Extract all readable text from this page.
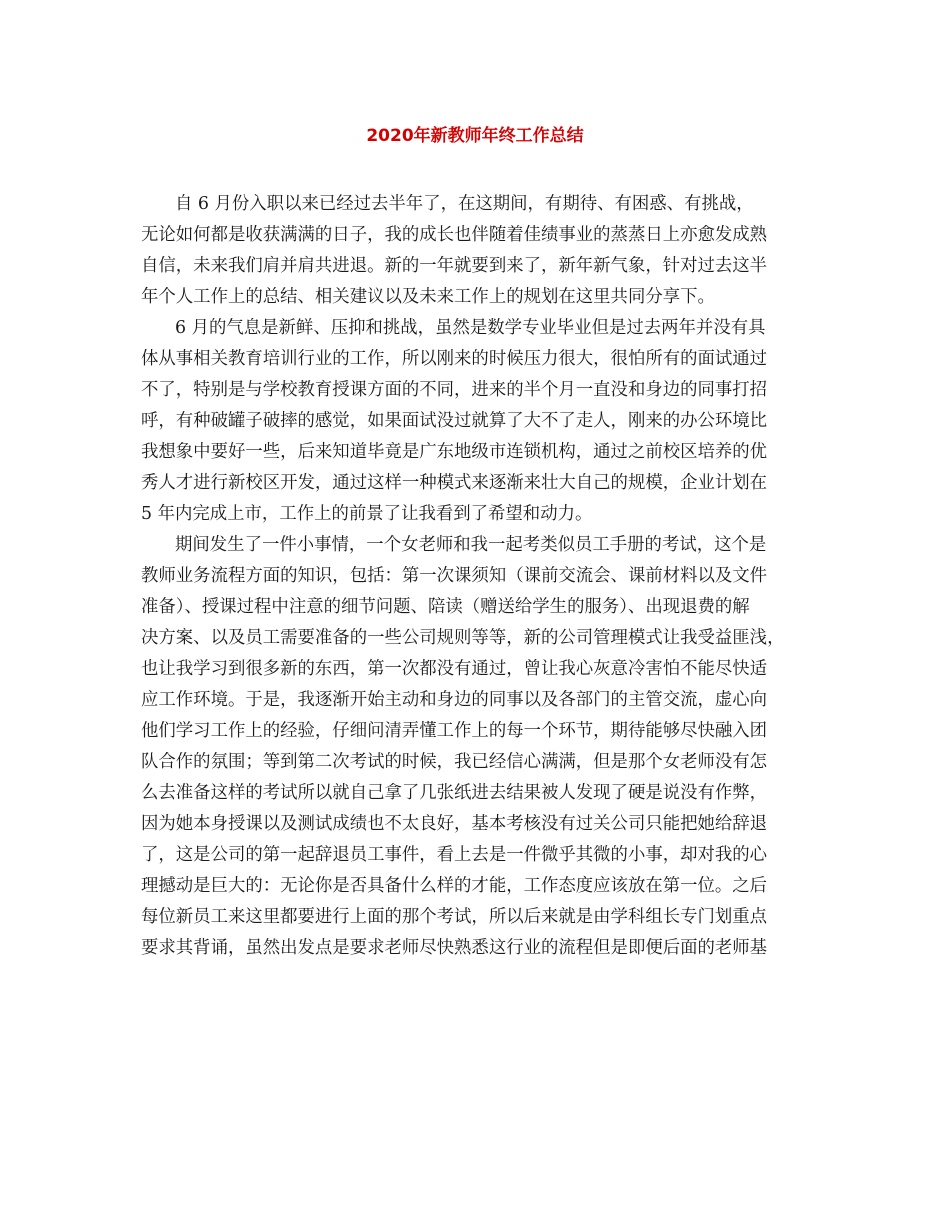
2020年新教师年终工作总结
自 6 月份入职以来已经过去半年了，在这期间，有期待、有困惑、有挑战，
无论如何都是收获满满的日子，我的成长也伴随着佳绩事业的蒸蒸日上亦愈发成熟
自信，未来我们肩并肩共进退。新的一年就要到来了，新年新气象，针对过去这半
年个人工作上的总结、相关建议以及未来工作上的规划在这里共同分享下。
6 月的气息是新鲜、压抑和挑战，虽然是数学专业毕业但是过去两年并没有具
体从事相关教育培训行业的工作，所以刚来的时候压力很大，很怕所有的面试通过
不了，特别是与学校教育授课方面的不同，进来的半个月一直没和身边的同事打招
呼，有种破罐子破摔的感觉，如果面试没过就算了大不了走人，刚来的办公环境比
我想象中要好一些，后来知道毕竟是广东地级市连锁机构，通过之前校区培养的优
秀人才进行新校区开发，通过这样一种模式来逐渐来壮大自己的规模，企业计划在
5 年内完成上市，工作上的前景了让我看到了希望和动力。
期间发生了一件小事情，一个女老师和我一起考类似员工手册的考试，这个是
教师业务流程方面的知识，包括：第一次课须知（课前交流会、课前材料以及文件
准备）、授课过程中注意的细节问题、陪读（赠送给学生的服务）、出现退费的解
决方案、以及员工需要准备的一些公司规则等等，新的公司管理模式让我受益匪浅，
也让我学习到很多新的东西，第一次都没有通过，曾让我心灰意冷害怕不能尽快适
应工作环境。于是，我逐渐开始主动和身边的同事以及各部门的主管交流，虚心向
他们学习工作上的经验，仔细问清弄懂工作上的每一个环节，期待能够尽快融入团
队合作的氛围；等到第二次考试的时候，我已经信心满满，但是那个女老师没有怎
么去准备这样的考试所以就自己拿了几张纸进去结果被人发现了硬是说没有作弊，
因为她本身授课以及测试成绩也不太良好，基本考核没有过关公司只能把她给辞退
了，这是公司的第一起辞退员工事件，看上去是一件微乎其微的小事，却对我的心
理撼动是巨大的：无论你是否具备什么样的才能，工作态度应该放在第一位。之后
每位新员工来这里都要进行上面的那个考试，所以后来就是由学科组长专门划重点
要求其背诵，虽然出发点是要求老师尽快熟悉这行业的流程但是即便后面的老师基
